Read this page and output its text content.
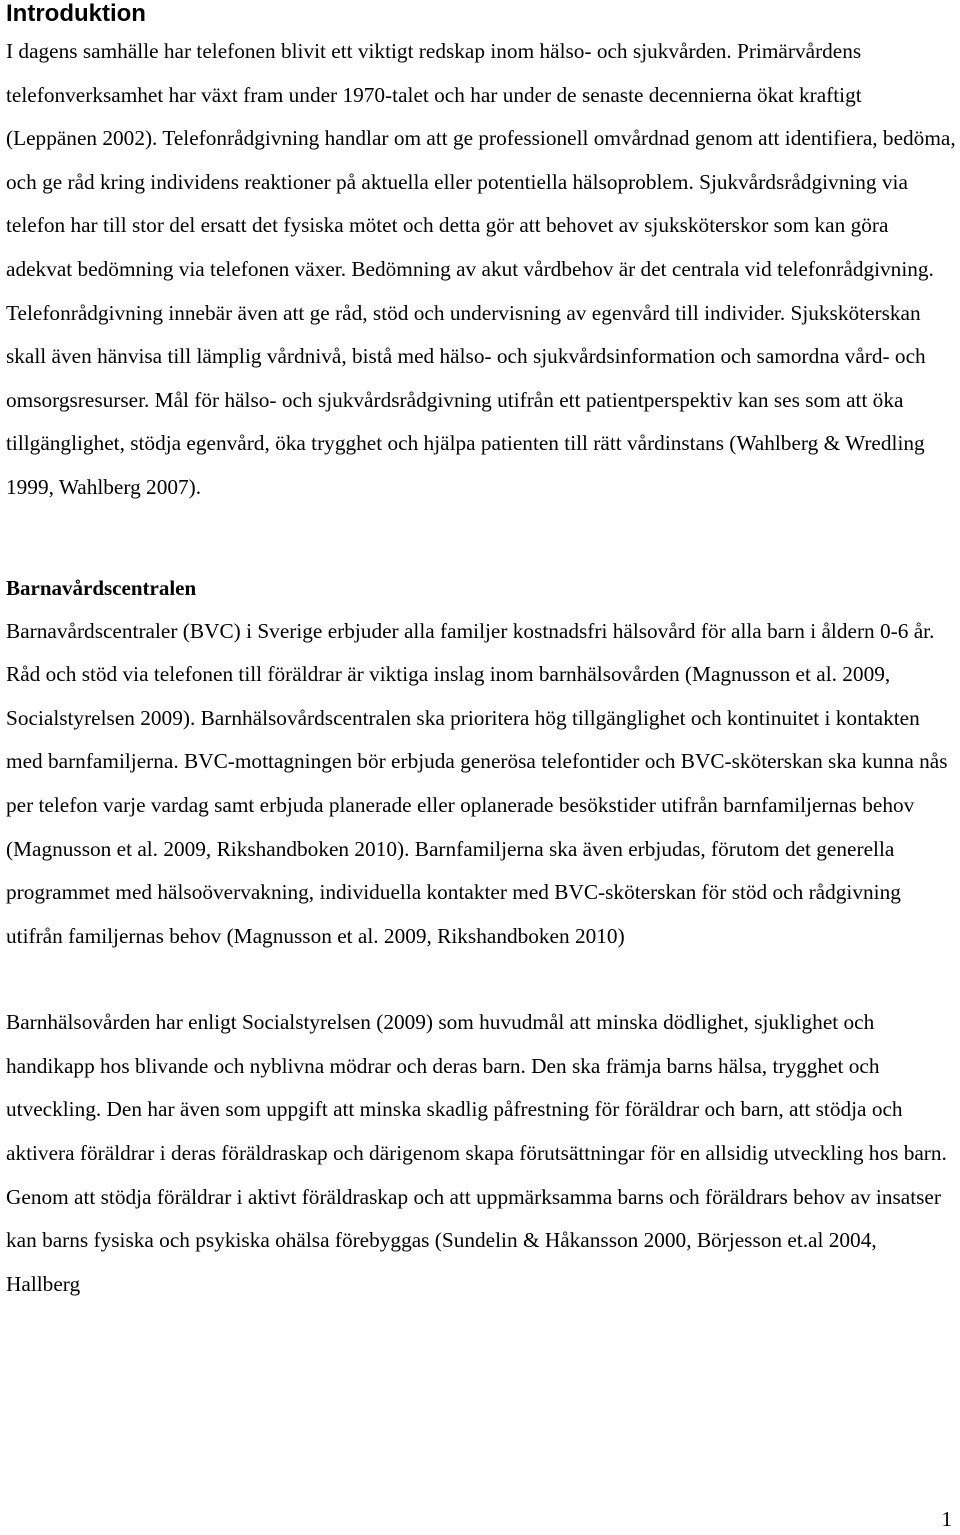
Introduktion

I dagens samhälle har telefonen blivit ett viktigt redskap inom hälso- och sjukvården. Primärvårdens telefonverksamhet har växt fram under 1970-talet och har under de senaste decennierna ökat kraftigt (Leppänen 2002). Telefonrådgivning handlar om att ge professionell omvårdnad genom att identifiera, bedöma, och ge råd kring individens reaktioner på aktuella eller potentiella hälsoproblem. Sjukvårdsrådgivning via telefon har till stor del ersatt det fysiska mötet och detta gör att behovet av sjuksköterskor som kan göra adekvat bedömning via telefonen växer. Bedömning av akut vårdbehov är det centrala vid telefonrådgivning. Telefonrådgivning innebär även att ge råd, stöd och undervisning av egenvård till individer. Sjuksköterskan skall även hänvisa till lämplig vårdnivå, bistå med hälso- och sjukvårdsinformation och samordna vård- och omsorgsresurser. Mål för hälso- och sjukvårdsrådgivning utifrån ett patientperspektiv kan ses som att öka tillgänglighet, stödja egenvård, öka trygghet och hjälpa patienten till rätt vårdinstans (Wahlberg & Wredling 1999, Wahlberg 2007).

Barnavårdscentralen

Barnavårdscentraler (BVC) i Sverige erbjuder alla familjer kostnadsfri hälsovård för alla barn i åldern 0-6 år. Råd och stöd via telefonen till föräldrar är viktiga inslag inom barnhälsovården (Magnusson et al. 2009, Socialstyrelsen 2009). Barnhälsovårdscentralen ska prioritera hög tillgänglighet och kontinuitet i kontakten med barnfamiljerna. BVC-mottagningen bör erbjuda generösa telefontider och BVC-sköterskan ska kunna nås per telefon varje vardag samt erbjuda planerade eller oplanerade besökstider utifrån barnfamiljernas behov (Magnusson et al. 2009, Rikshandboken 2010). Barnfamiljerna ska även erbjudas, förutom det generella programmet med hälsoövervakning, individuella kontakter med BVC-sköterskan för stöd och rådgivning utifrån familjernas behov (Magnusson et al. 2009, Rikshandboken 2010)

Barnhälsovården har enligt Socialstyrelsen (2009) som huvudmål att minska dödlighet, sjuklighet och handikapp hos blivande och nyblivna mödrar och deras barn. Den ska främja barns hälsa, trygghet och utveckling. Den har även som uppgift att minska skadlig påfrestning för föräldrar och barn, att stödja och aktivera föräldrar i deras föräldraskap och därigenom skapa förutsättningar för en allsidig utveckling hos barn. Genom att stödja föräldrar i aktivt föräldraskap och att uppmärksamma barns och föräldrars behov av insatser kan barns fysiska och psykiska ohälsa förebyggas (Sundelin & Håkansson 2000, Börjesson et.al 2004, Hallberg

1
